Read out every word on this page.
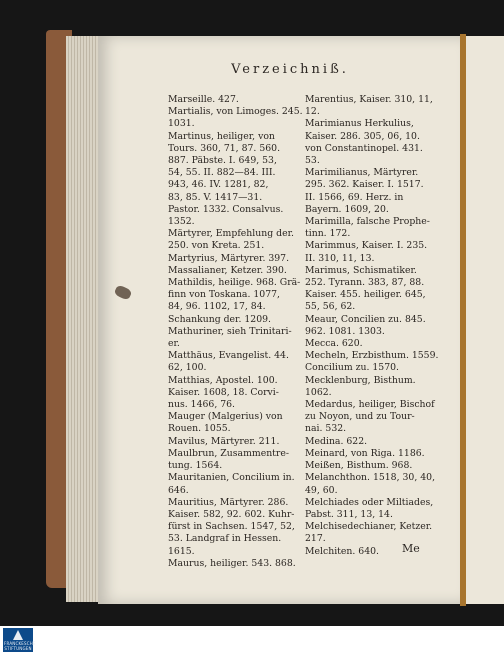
Verzeichniß.
Marseille. 427.
Martialis, von Limoges. 245.
1031.
Martinus, heiliger, von
Tours. 360, 71, 87. 560.
887. Päbste. I. 649, 53,
54, 55. II. 882—84. III.
943, 46. IV. 1281, 82,
83, 85. V. 1417—31.
Pastor. 1332. Consalvus.
1352.
Märtyrer, Empfehlung der.
250. von Kreta. 251.
Martyrius, Märtyrer. 397.
Massalianer, Ketzer. 390.
Mathildis, heilige. 968. Grä-
finn von Toskana. 1077,
84, 96. 1102, 17, 84.
Schankung der. 1209.
Mathuriner, sieh Trinitari-
er.
Matthäus, Evangelist. 44.
62, 100.
Matthias, Apostel. 100.
Kaiser. 1608, 18. Corvi-
nus. 1466, 76.
Mauger (Malgerius) von
Rouen. 1055.
Mavilus, Märtyrer. 211.
Maulbrun, Zusammentre-
tung. 1564.
Mauritanien, Concilium in.
646.
Mauritius, Märtyrer. 286.
Kaiser. 582, 92. 602. Kuhr-
fürst in Sachsen. 1547, 52,
53. Landgraf in Hessen.
1615.
Maurus, heiliger. 543. 868.
Marentius, Kaiser. 310, 11,
12.
Marimianus Herkulius,
Kaiser. 286. 305, 06, 10.
von Constantinopel. 431.
53.
Marimilianus, Märtyrer.
295. 362. Kaiser. I. 1517.
II. 1566, 69. Herz. in
Bayern. 1609, 20.
Marimilla, falsche Prophe-
tinn. 172.
Marimmus, Kaiser. I. 235.
II. 310, 11, 13.
Marimus, Schismatiker.
252. Tyrann. 383, 87, 88.
Kaiser. 455. heiliger. 645,
55, 56, 62.
Meaur, Concilien zu. 845.
962. 1081. 1303.
Mecca. 620.
Mecheln, Erzbisthum. 1559.
Concilium zu. 1570.
Mecklenburg, Bisthum.
1062.
Medardus, heiliger, Bischof
zu Noyon, und zu Tour-
nai. 532.
Medina. 622.
Meinard, von Riga. 1186.
Meißen, Bisthum. 968.
Melanchthon. 1518, 30, 40,
49, 60.
Melchiades oder Miltiades,
Pabst. 311, 13, 14.
Melchisedechianer, Ketzer.
217.
Melchiten. 640.	Me
FRANCKESCHE STIFTUNGEN
